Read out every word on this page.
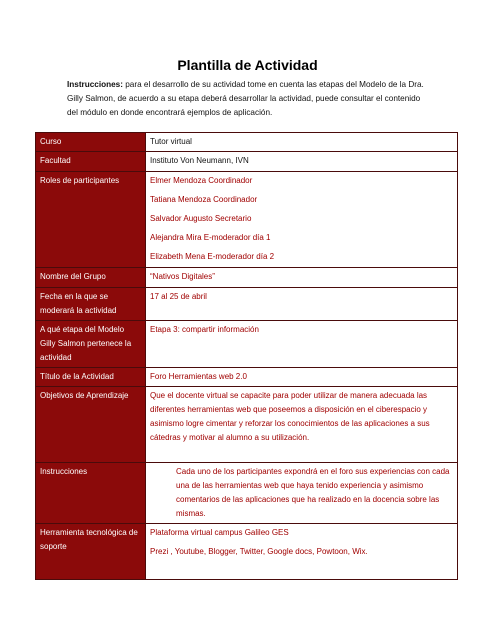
Plantilla de Actividad
Instrucciones: para el desarrollo de su actividad tome en cuenta las etapas del Modelo de la Dra. Gilly Salmon, de acuerdo a su etapa deberá desarrollar la actividad, puede consultar el contenido del módulo en donde encontrará ejemplos de aplicación.
Curso	Tutor virtual
Facultad	Instituto Von Neumann, IVN
Roles de participantes	Elmer Mendoza Coordinador
Tatiana Mendoza Coordinador
Salvador Augusto Secretario
Alejandra Mira E-moderador día 1
Elizabeth Mena E-moderador día 2

Nombre del Grupo	“Nativos Digitales”
Fecha en la que se moderará la actividad	17 al 25 de abril
A qué etapa del Modelo Gilly Salmon pertenece la actividad	Etapa 3: compartir información
Título de la Actividad	Foro Herramientas web 2.0
Objetivos de Aprendizaje	Que el docente virtual se capacite para poder utilizar de manera adecuada las diferentes herramientas web que poseemos a disposición en el ciberespacio y asimismo logre cimentar y reforzar los conocimientos de las aplicaciones a sus cátedras y motivar al alumno a su utilización.
Instrucciones	Cada uno de los participantes expondrá en el foro sus experiencias con cada una de las herramientas web que haya tenido experiencia y asimismo comentarios de las aplicaciones que ha realizado en la docencia sobre las mismas.
Herramienta tecnológica de soporte	Plataforma virtual campus Galileo GES
Prezi , Youtube, Blogger, Twitter, Google docs, Powtoon, Wix.
